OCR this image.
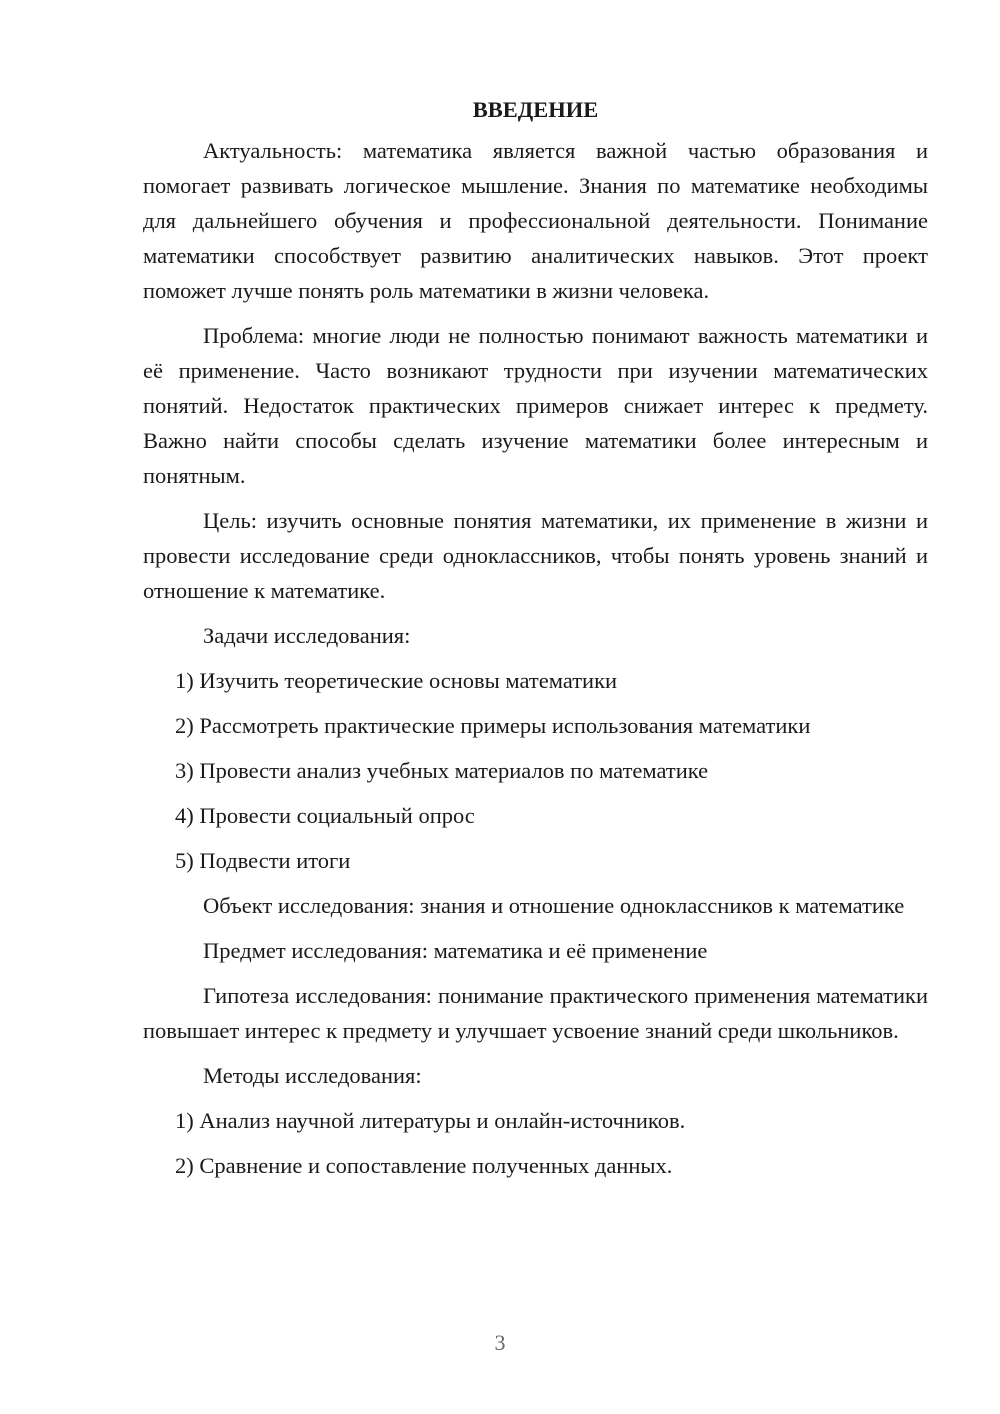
ВВЕДЕНИЕ

Актуальность: математика является важной частью образования и помогает развивать логическое мышление. Знания по математике необходимы для дальнейшего обучения и профессиональной деятельности. Понимание математики способствует развитию аналитических навыков. Этот проект поможет лучше понять роль математики в жизни человека.

Проблема: многие люди не полностью понимают важность математики и её применение. Часто возникают трудности при изучении математических понятий. Недостаток практических примеров снижает интерес к предмету. Важно найти способы сделать изучение математики более интересным и понятным.

Цель: изучить основные понятия математики, их применение в жизни и провести исследование среди одноклассников, чтобы понять уровень знаний и отношение к математике.

Задачи исследования:

1) Изучить теоретические основы математики

2) Рассмотреть практические примеры использования математики

3) Провести анализ учебных материалов по математике

4) Провести социальный опрос

5) Подвести итоги

Объект исследования: знания и отношение одноклассников к математике

Предмет исследования: математика и её применение

Гипотеза исследования: понимание практического применения математики повышает интерес к предмету и улучшает усвоение знаний среди школьников.

Методы исследования:

1) Анализ научной литературы и онлайн-источников.

2) Сравнение и сопоставление полученных данных.

3
